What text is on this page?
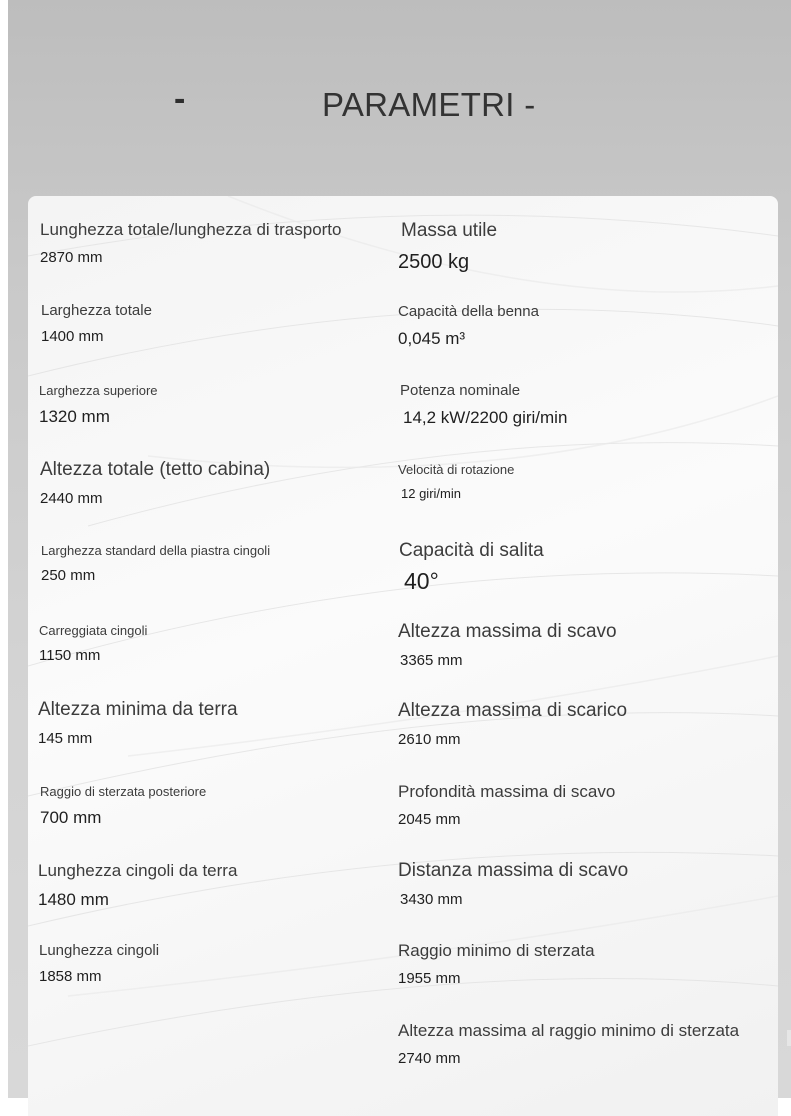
-	PARAMETRI -
Lunghezza totale/lunghezza di trasporto
2870 mm
Larghezza totale
1400 mm
Larghezza superiore
1320 mm
Altezza totale (tetto cabina)
2440 mm
Larghezza standard della piastra cingoli
250 mm
Carreggiata cingoli
1150 mm
Altezza minima da terra
145 mm
Raggio di sterzata posteriore
700 mm
Lunghezza cingoli da terra
1480 mm
Lunghezza cingoli
1858 mm
Massa utile
2500 kg
Capacità della benna
0,045 m³
Potenza nominale
14,2 kW/2200 giri/min
Velocità di rotazione
12 giri/min
Capacità di salita
40°
Altezza massima di scavo
3365 mm
Altezza massima di scarico
2610 mm
Profondità massima di scavo
2045 mm
Distanza massima di scavo
3430 mm
Raggio minimo di sterzata
1955 mm
Altezza massima al raggio minimo di sterzata
2740 mm
